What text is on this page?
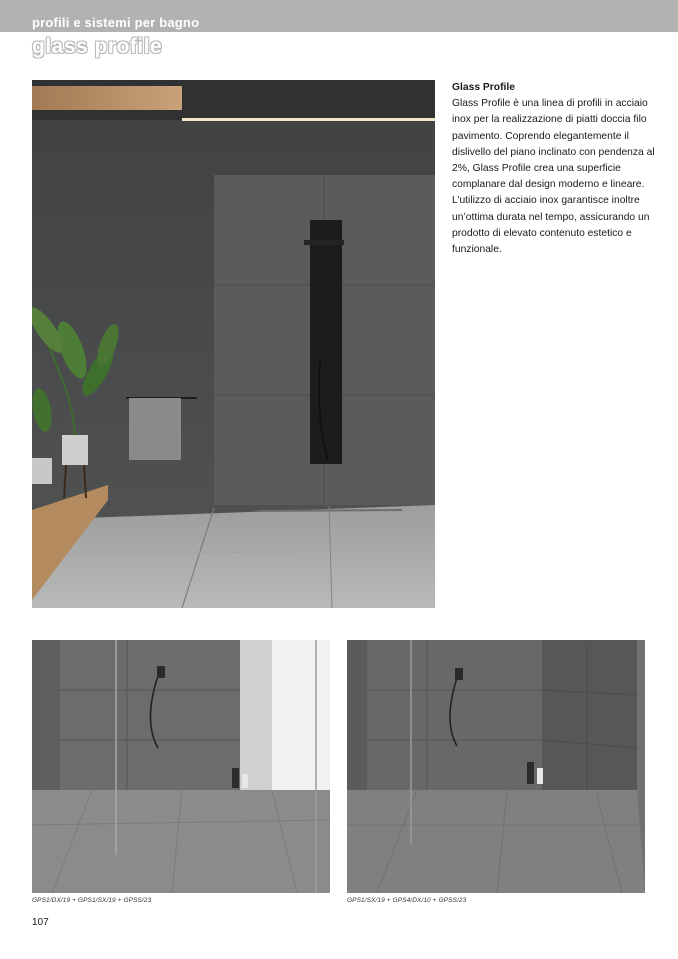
profili e sistemi per bagno
glass profile

Glass Profile

Glass Profile è una linea di profili in acciaio inox per la realizzazione di piatti doccia filo pavimento. Coprendo elegantemente il dislivello del piano inclinato con pendenza al 2%, Glass Profile crea una superficie complanare dal design moderno e lineare. L’utilizzo di acciaio inox garantisce inoltre un’ottima durata nel tempo, assicurando un prodotto di elevato contenuto estetico e funzionale.

GPS1/DX/19 + GPS1/SX/19 + GPSS/23	GPS1/SX/19 + GPS4/DX/10 + GPSS/23
107
